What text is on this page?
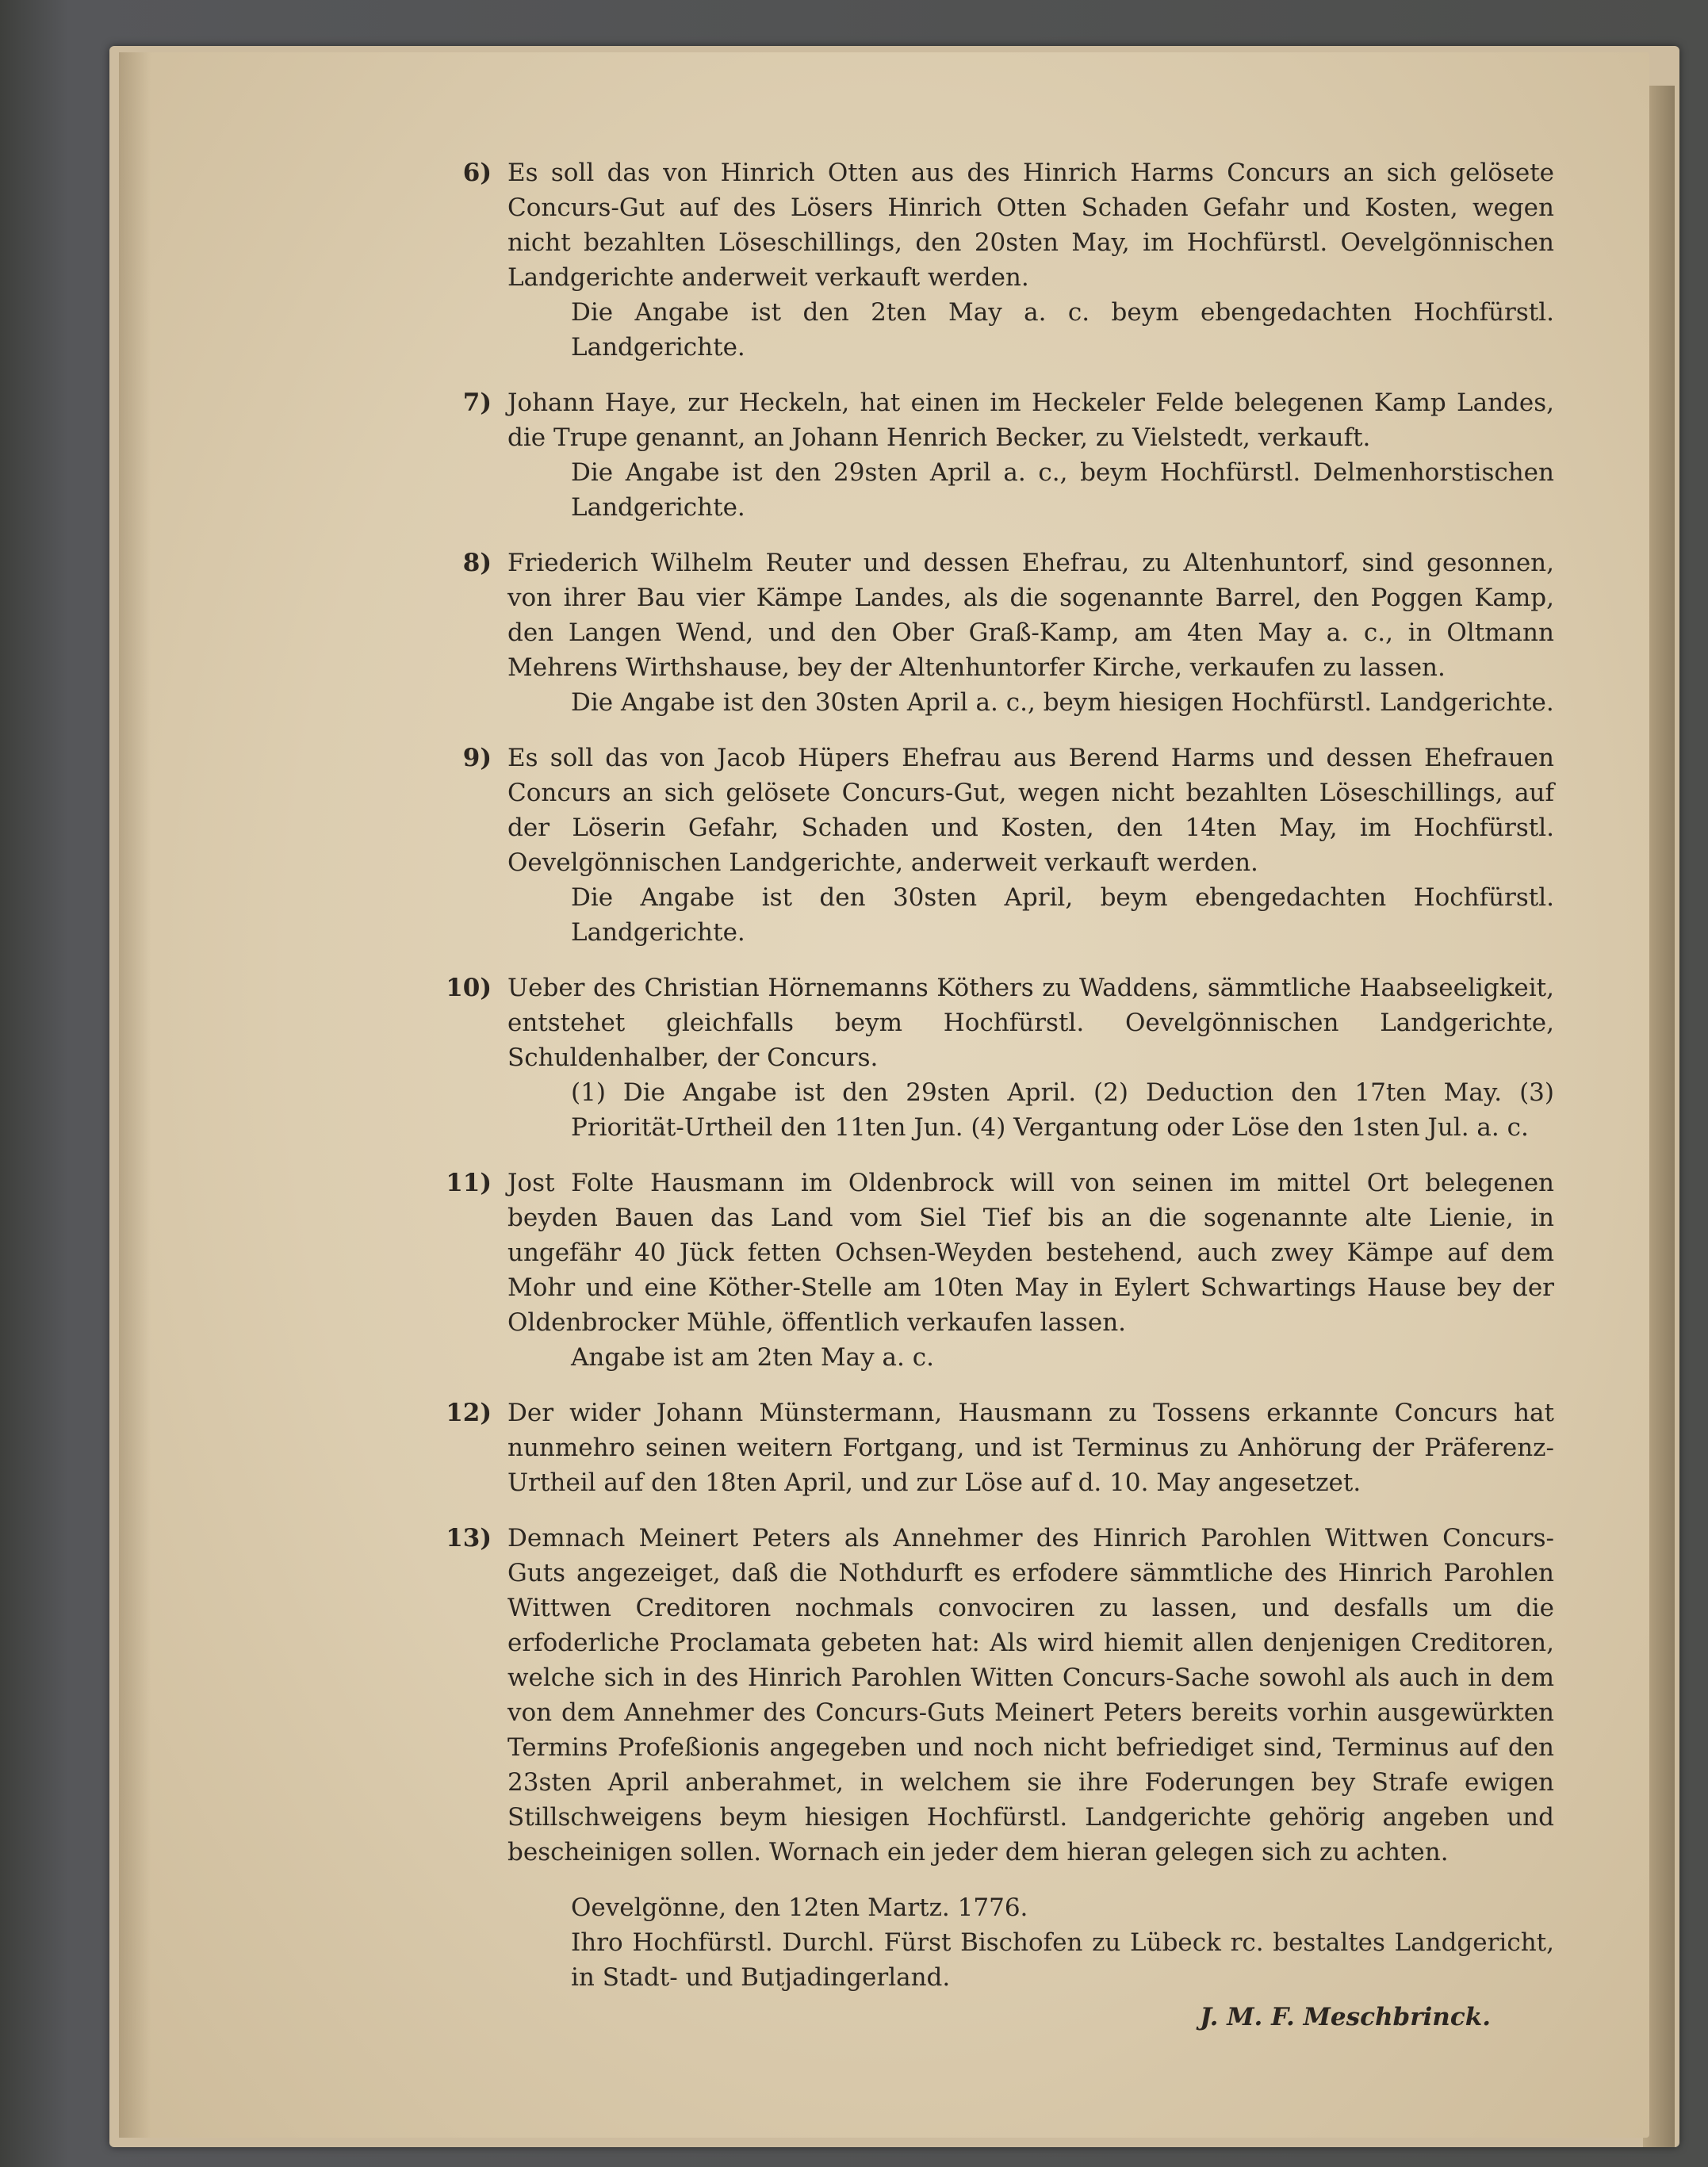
6) Es soll das von Hinrich Otten aus des Hinrich Harms Concurs an sich gelösete Concurs-Gut auf des Lösers Hinrich Otten Schaden Gefahr und Kosten, wegen nicht bezahlten Löseschillings, den 20sten May, im Hochfürstl. Oevelgönnischen Landgerichte anderweit verkauft werden.
Die Angabe ist den 2ten May a. c. beym ebengedachten Hochfürstl. Landgerichte.
7) Johann Haye, zur Heckeln, hat einen im Heckeler Felde belegenen Kamp Landes, die Trupe genannt, an Johann Henrich Becker, zu Vielstedt, verkauft.
Die Angabe ist den 29sten April a. c., beym Hochfürstl. Delmenhorstischen Landgerichte.
8) Friederich Wilhelm Reuter und dessen Ehefrau, zu Altenhuntorf, sind gesonnen, von ihrer Bau vier Kämpe Landes, als die sogenannte Barrel, den Poggen Kamp, den Langen Wend, und den Ober Graß-Kamp, am 4ten May a. c., in Oltmann Mehrens Wirthshause, bey der Altenhuntorfer Kirche, verkaufen zu lassen.
Die Angabe ist den 30sten April a. c., beym hiesigen Hochfürstl. Landgerichte.
9) Es soll das von Jacob Hüpers Ehefrau aus Berend Harms und dessen Ehefrauen Concurs an sich gelösete Concurs-Gut, wegen nicht bezahlten Löseschillings, auf der Löserin Gefahr, Schaden und Kosten, den 14ten May, im Hochfürstl. Oevelgönnischen Landgerichte, anderweit verkauft werden.
Die Angabe ist den 30sten April, beym ebengedachten Hochfürstl. Landgerichte.
10) Ueber des Christian Hörnemanns Köthers zu Waddens, sämmtliche Haabseeligkeit, entstehet gleichfalls beym Hochfürstl. Oevelgönnischen Landgerichte, Schuldenhalber, der Concurs.
(1) Die Angabe ist den 29sten April. (2) Deduction den 17ten May. (3) Priorität-Urtheil den 11ten Jun. (4) Vergantung oder Löse den 1sten Jul. a. c.
11) Jost Folte Hausmann im Oldenbrock will von seinen im mittel Ort belegenen beyden Bauen das Land vom Siel Tief bis an die sogenannte alte Lienie, in ungefähr 40 Jück fetten Ochsen-Weyden bestehend, auch zwey Kämpe auf dem Mohr und eine Köther-Stelle am 10ten May in Eylert Schwartings Hause bey der Oldenbrocker Mühle, öffentlich verkaufen lassen.
Angabe ist am 2ten May a. c.
12) Der wider Johann Münstermann, Hausmann zu Tossens erkannte Concurs hat nunmehro seinen weitern Fortgang, und ist Terminus zu Anhörung der Präferenz-Urtheil auf den 18ten April, und zur Löse auf d. 10. May angesetzet.
13) Demnach Meinert Peters als Annehmer des Hinrich Parohlen Wittwen Concurs-Guts angezeiget, daß die Nothdurft es erfodere sämmtliche des Hinrich Parohlen Wittwen Creditoren nochmals convociren zu lassen, und desfalls um die erfoderliche Proclamata gebeten hat: Als wird hiemit allen denjenigen Creditoren, welche sich in des Hinrich Parohlen Witten Concurs-Sache sowohl als auch in dem von dem Annehmer des Concurs-Guts Meinert Peters bereits vorhin ausgewürkten Termins Profeßionis angegeben und noch nicht befriediget sind, Terminus auf den 23sten April anberahmet, in welchem sie ihre Foderungen bey Strafe ewigen Stillschweigens beym hiesigen Hochfürstl. Landgerichte gehörig angeben und bescheinigen sollen. Wornach ein jeder dem hieran gelegen sich zu achten.
Oevelgönne, den 12ten Martz. 1776.
Ihro Hochfürstl. Durchl. Fürst Bischofen zu Lübeck rc. bestaltes Landgericht, in Stadt- und Butjadingerland.
J. M. F. Meschbrinck.
